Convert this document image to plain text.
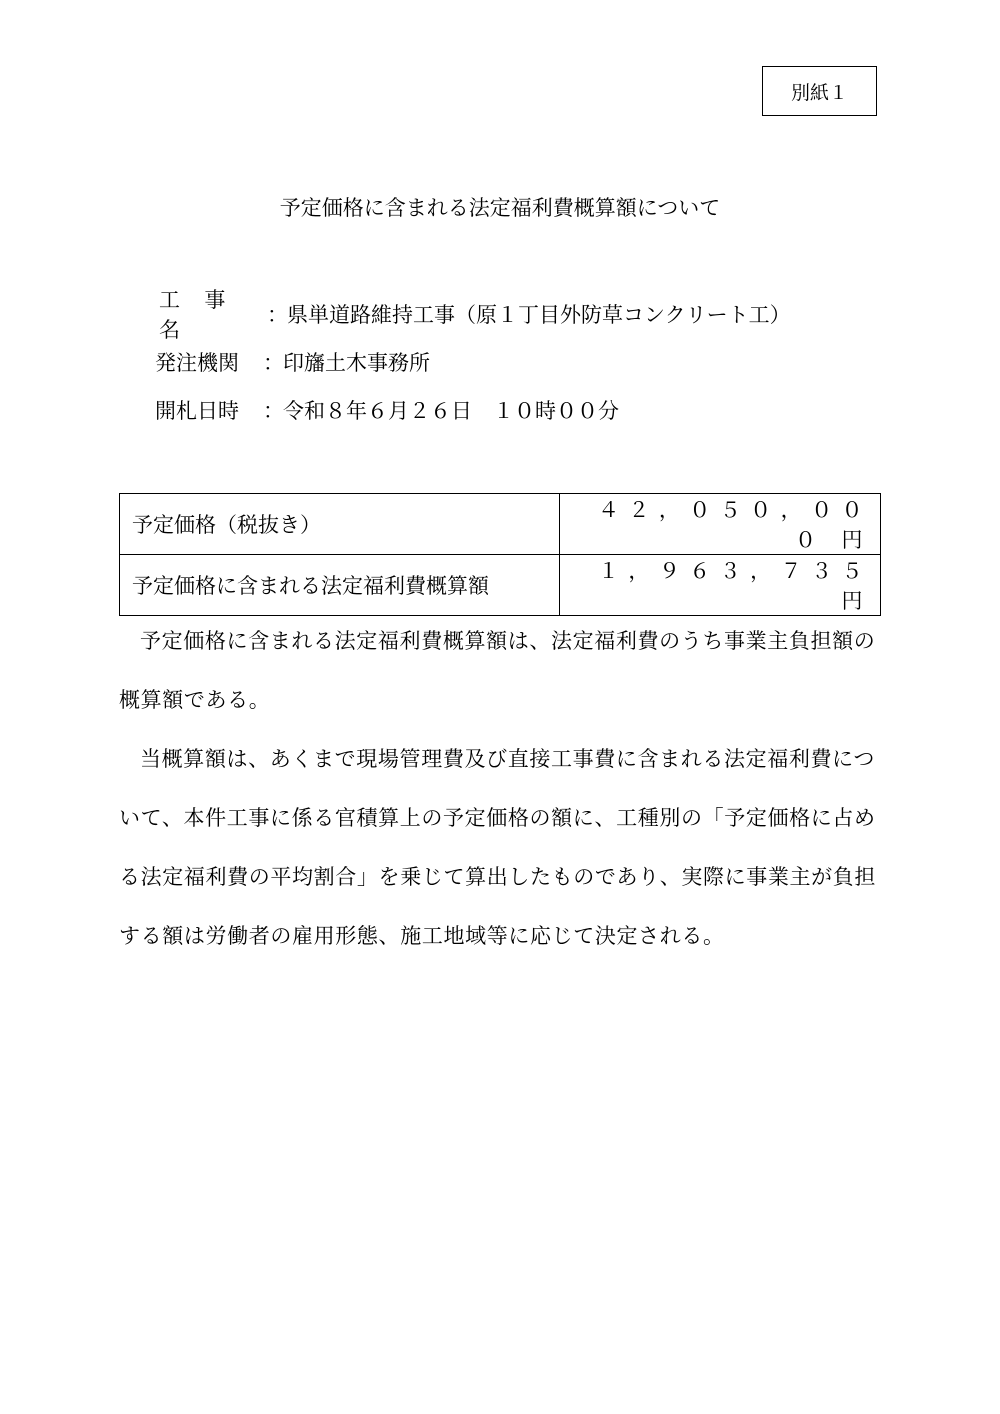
別紙１
予定価格に含まれる法定福利費概算額について
工 事 名
： 県単道路維持工事（原１丁目外防草コンクリート工）
発注機関	： 印旛土木事務所
開札日時	： 令和８年６月２６日　１０時００分
予定価格（税抜き）	４２，０５０，０００ 円
予定価格に含まれる法定福利費概算額	１，９６３，７３５ 円

予定価格に含まれる法定福利費概算額は、法定福利費のうち事業主負担額の概算額である。

当概算額は、あくまで現場管理費及び直接工事費に含まれる法定福利費について、本件工事に係る官積算上の予定価格の額に、工種別の「予定価格に占める法定福利費の平均割合」を乗じて算出したものであり、実際に事業主が負担する額は労働者の雇用形態、施工地域等に応じて決定される。
